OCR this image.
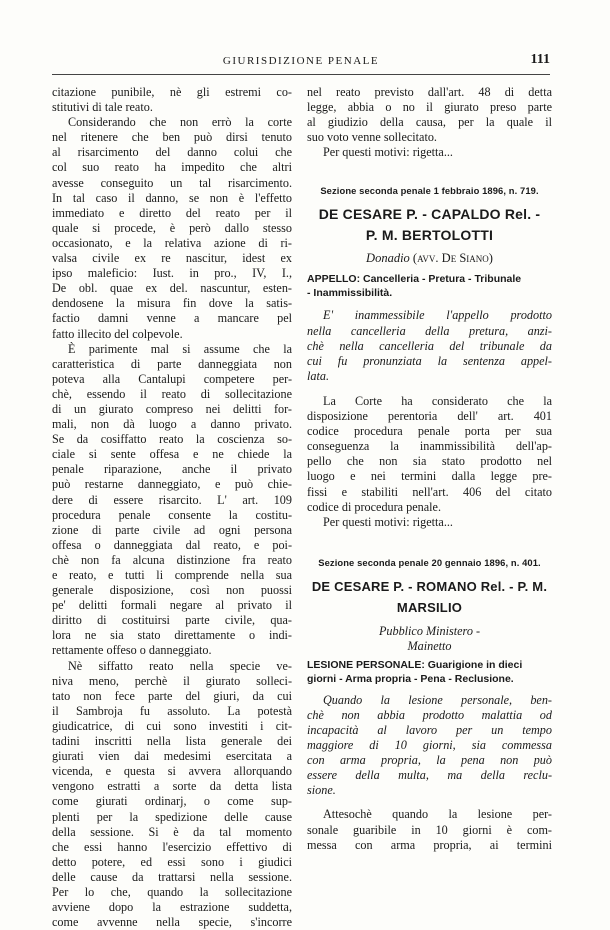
GIURISDIZIONE PENALE	111
citazione punibile, nè gli estremi co-
stitutivi di tale reato.
Considerando che non errò la corte
nel ritenere che ben può dirsi tenuto
al risarcimento del danno colui che
col suo reato ha impedito che altri
avesse conseguito un tal risarcimento.
In tal caso il danno, se non è l'effetto
immediato e diretto del reato per il
quale si procede, è però dallo stesso
occasionato, e la relativa azione di ri-
valsa civile ex re nascitur, idest ex
ipso maleficio: Iust. in pro., IV, I.,
De obl. quae ex del. nascuntur, esten-
dendosene la misura fin dove la satis-
factio damni venne a mancare pel
fatto illecito del colpevole.
È parimente mal si assume che la
caratteristica di parte danneggiata non
poteva alla Cantalupi competere per-
chè, essendo il reato di sollecitazione
di un giurato compreso nei delitti for-
mali, non dà luogo a danno privato.
Se da cosiffatto reato la coscienza so-
ciale si sente offesa e ne chiede la
penale riparazione, anche il privato
può restarne danneggiato, e può chie-
dere di essere risarcito. L' art. 109
procedura penale consente la costitu-
zione di parte civile ad ogni persona
offesa o danneggiata dal reato, e poi-
chè non fa alcuna distinzione fra reato
e reato, e tutti li comprende nella sua
generale disposizione, così non puossi
pe' delitti formali negare al privato il
diritto di costituirsi parte civile, qua-
lora ne sia stato direttamente o indi-
rettamente offeso o danneggiato.
Nè siffatto reato nella specie ve-
niva meno, perchè il giurato solleci-
tato non fece parte del giuri, da cui
il Sambroja fu assoluto. La potestà
giudicatrice, di cui sono investiti i cit-
tadini inscritti nella lista generale dei
giurati vien dai medesimi esercitata a
vicenda, e questa si avvera allorquando
vengono estratti a sorte da detta lista
come giurati ordinarj, o come sup-
plenti per la spedizione delle cause
della sessione. Si è da tal momento
che essi hanno l'esercizio effettivo di
detto potere, ed essi sono i giudici
delle cause da trattarsi nella sessione.
Per lo che, quando la sollecitazione
avviene dopo la estrazione suddetta,
come avvenne nella specie, s'incorre
nel reato previsto dall'art. 48 di detta
legge, abbia o no il giurato preso parte
al giudizio della causa, per la quale il
suo voto venne sollecitato.
Per questi motivi: rigetta...
Sezione seconda penale 1 febbraio 1896, n. 719.
DE CESARE P. - CAPALDO Rel. -
P. M. BERTOLOTTI
Donadio (avv. De Siano)
APPELLO: Cancelleria - Pretura - Tribunale
- Inammissibilità.
E' inammessibile l'appello prodotto
nella cancelleria della pretura, anzi-
chè nella cancelleria del tribunale da
cui fu pronunziata la sentenza appel-
lata.
La Corte ha considerato che la
disposizione perentoria dell' art. 401
codice procedura penale porta per sua
conseguenza la inammissibilità dell'ap-
pello che non sia stato prodotto nel
luogo e nei termini dalla legge pre-
fissi e stabiliti nell'art. 406 del citato
codice di procedura penale.
Per questi motivi: rigetta...
Sezione seconda penale 20 gennaio 1896, n. 401.
DE CESARE P. - ROMANO Rel. - P. M. MARSILIO
Pubblico Ministero -
Mainetto
LESIONE PERSONALE: Guarigione in dieci
giorni - Arma propria - Pena - Reclusione.
Quando la lesione personale, ben-
chè non abbia prodotto malattia od
incapacità al lavoro per un tempo
maggiore di 10 giorni, sia commessa
con arma propria, la pena non può
essere della multa, ma della reclu-
sione.
Attesochè quando la lesione per-
sonale guaribile in 10 giorni è com-
messa con arma propria, ai termini
